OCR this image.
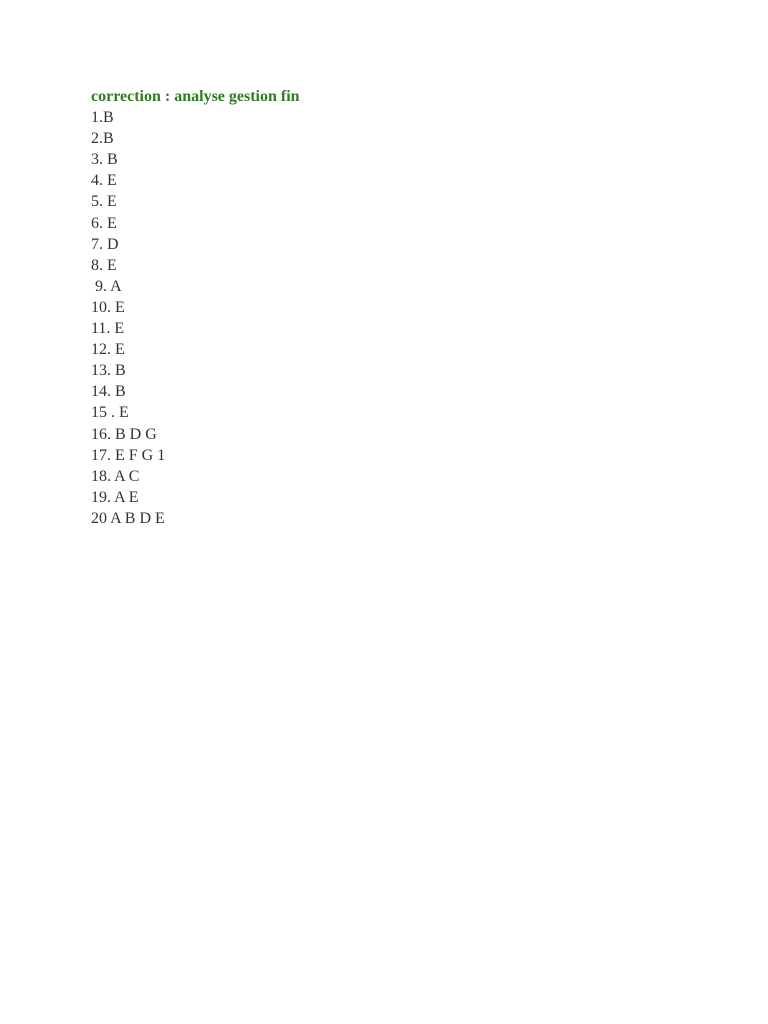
correction : analyse gestion fin
1.B
2.B
3. B
4. E
5. E
6. E
7. D
8. E
9. A
10. E
11. E
12. E
13. B
14. B
15 . E
16. B D G
17. E F G 1
18. A C
19. A E
20 A B D E
